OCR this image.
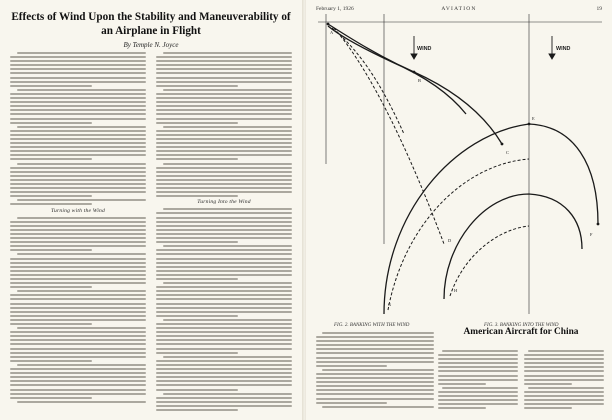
Effects of Wind Upon the Stability and Maneuverability of an Airplane in Flight
By Temple N. Joyce
Turning with the Wind
Turning Into the Wind
February 1, 1926	AVIATION	19
WIND	WIND
A
B
C
D
E
F
G
H
FIG. 2. BANKING WITH THE WIND	FIG. 3. BANKING INTO THE WIND
American Aircraft for China
